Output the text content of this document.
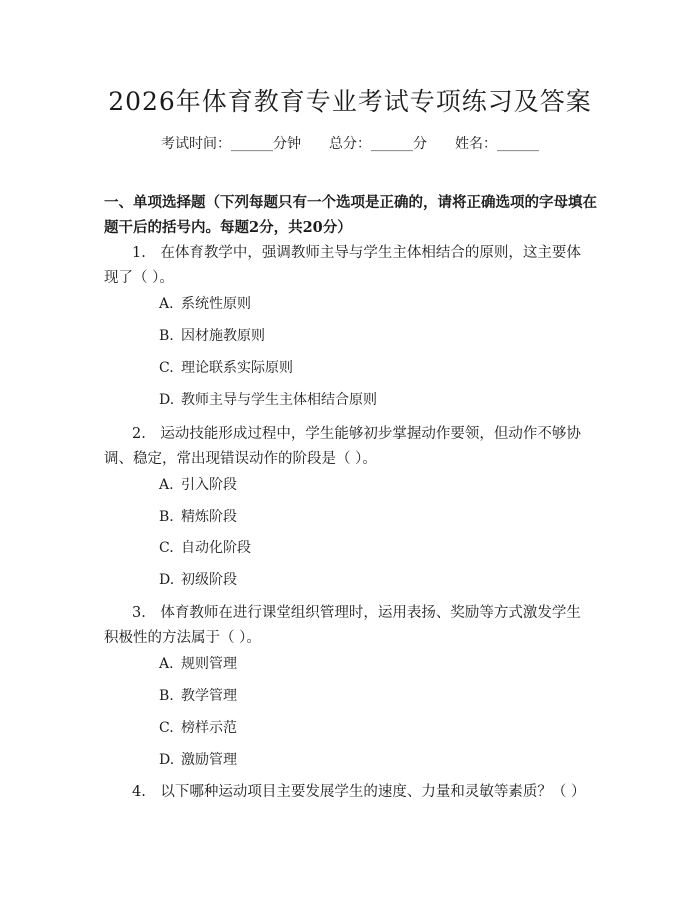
2026年体育教育专业考试专项练习及答案
考试时间：______分钟 总分：______分 姓名：______
一、单项选择题（下列每题只有一个选项是正确的，请将正确选项的字母填在题干后的括号内。每题2分，共20分）
1.　在体育教学中，强调教师主导与学生主体相结合的原则，这主要体现了（ ）。
A. 系统性原则
B. 因材施教原则
C. 理论联系实际原则
D. 教师主导与学生主体相结合原则
2.　运动技能形成过程中，学生能够初步掌握动作要领，但动作不够协调、稳定，常出现错误动作的阶段是（ ）。
A. 引入阶段
B. 精炼阶段
C. 自动化阶段
D. 初级阶段
3.　体育教师在进行课堂组织管理时，运用表扬、奖励等方式激发学生积极性的方法属于（ ）。
A. 规则管理
B. 教学管理
C. 榜样示范
D. 激励管理
4.　以下哪种运动项目主要发展学生的速度、力量和灵敏等素质？（ ）
